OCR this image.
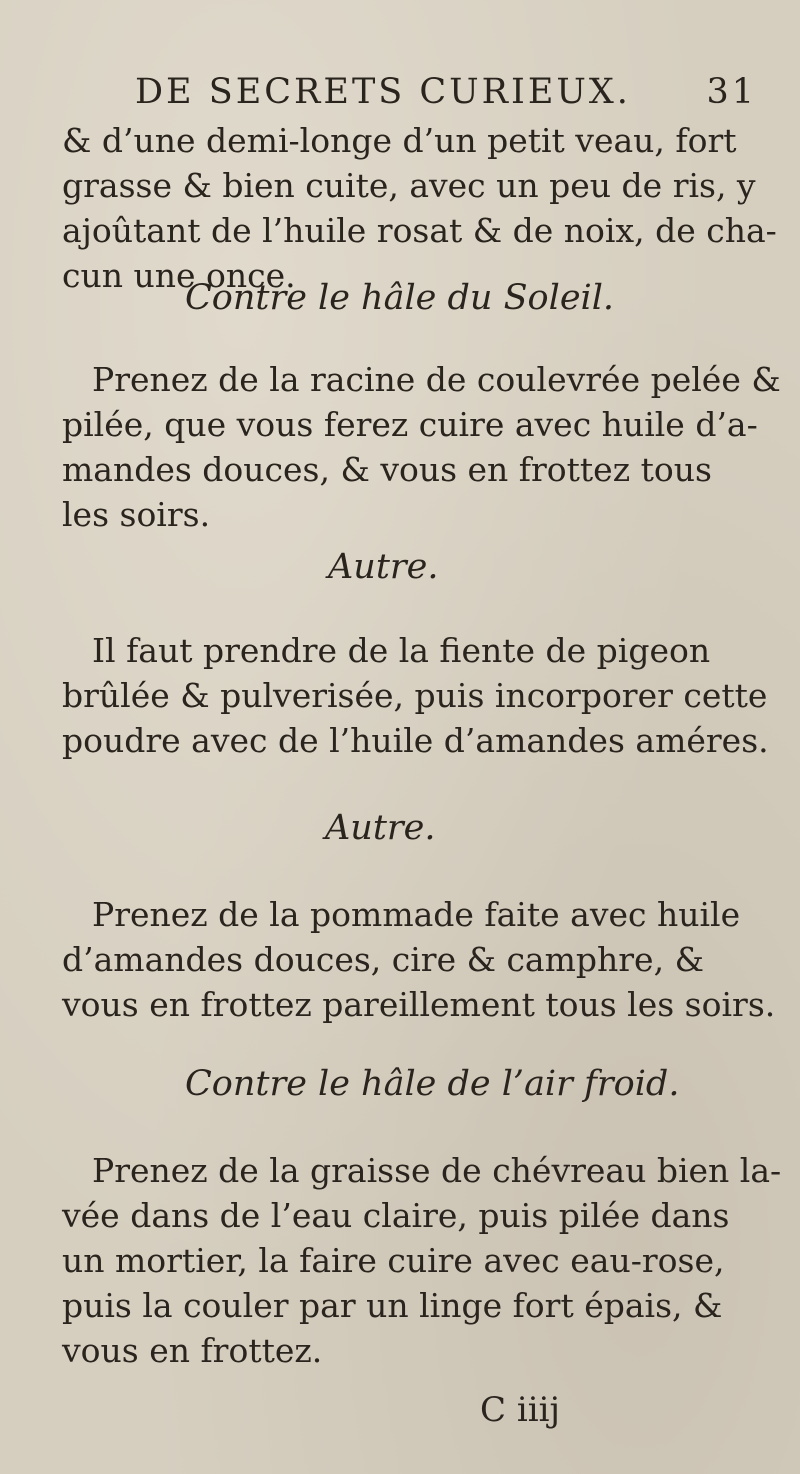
DE SECRETS CURIEUX. 31
& d’une demi-longe d’un petit veau, fort
grasse & bien cuite, avec un peu de ris, y
ajoûtant de l’huile rosat & de noix, de cha-
cun une once.
Contre le hâle du Soleil.
Prenez de la racine de coulevrée pelée &
pilée, que vous ferez cuire avec huile d’a-
mandes douces, & vous en frottez tous
les soirs.
Autre.
Il faut prendre de la fiente de pigeon
brûlée & pulverisée, puis incorporer cette
poudre avec de l’huile d’amandes améres.
Autre.
Prenez de la pommade faite avec huile
d’amandes douces, cire & camphre, &
vous en frottez pareillement tous les soirs.
Contre le hâle de l’air froid.
Prenez de la graisse de chévreau bien la-
vée dans de l’eau claire, puis pilée dans
un mortier, la faire cuire avec eau-rose,
puis la couler par un linge fort épais, &
vous en frottez.
C iiij
